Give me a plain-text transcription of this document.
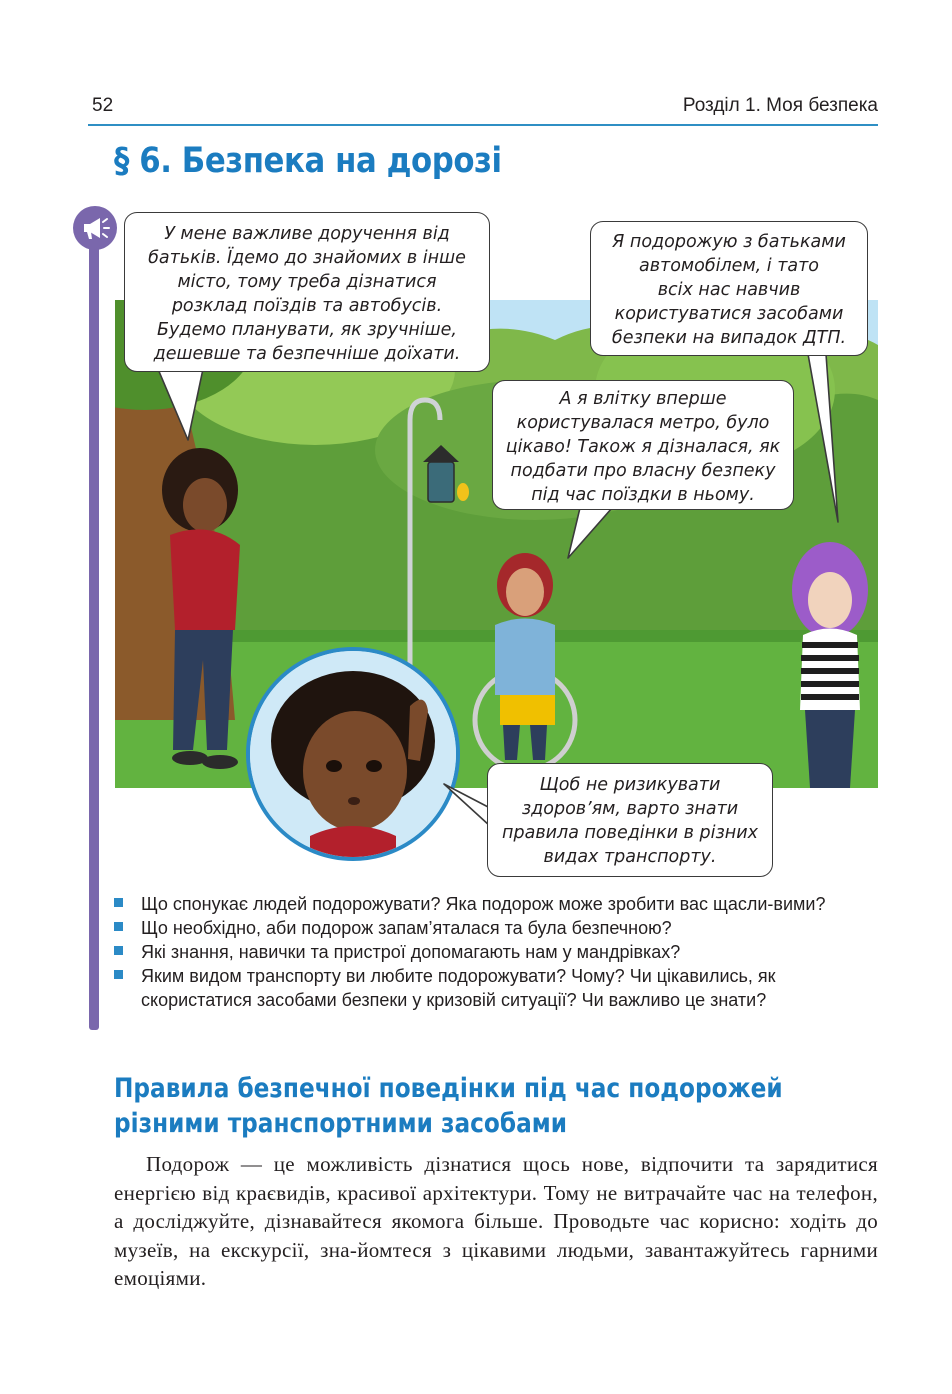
52	Розділ 1. Моя безпека
§ 6. Безпека на дорозі
У мене важливе доручення від
батьків. Їдемо до знайомих в інше
місто, тому треба дізнатися
розклад поїздів та автобусів.
Будемо планувати, як зручніше,
дешевше та безпечніше доїхати.
Я подорожую з батьками
автомобілем, і тато
всіх нас навчив
користуватися засобами
безпеки на випадок ДТП.
А я влітку вперше
користувалася метро, було
цікаво! Також я дізналася, як
подбати про власну безпеку
під час поїздки в ньому.
Щоб не ризикувати
здоров’ям, варто знати
правила поведінки в різних
видах транспорту.
Що спонукає людей подорожувати? Яка подорож може зробити вас щасли-вими?
Що необхідно, аби подорож запам’яталася та була безпечною?
Які знання, навички та пристрої допомагають нам у мандрівках?
Яким видом транспорту ви любите подорожувати? Чому? Чи цікавились, як скористатися засобами безпеки у кризовій ситуації? Чи важливо це знати?
Правила безпечної поведінки під час подорожей різними транспортними засобами

Подорож — це можливість дізнатися щось нове, відпочити та зарядитися енергією від краєвидів, красивої архітектури. Тому не витрачайте час на телефон, а досліджуйте, дізнавайтеся якомога більше. Проводьте час корисно: ходіть до музеїв, на екскурсії, зна-йомтеся з цікавими людьми, завантажуйтесь гарними емоціями.
